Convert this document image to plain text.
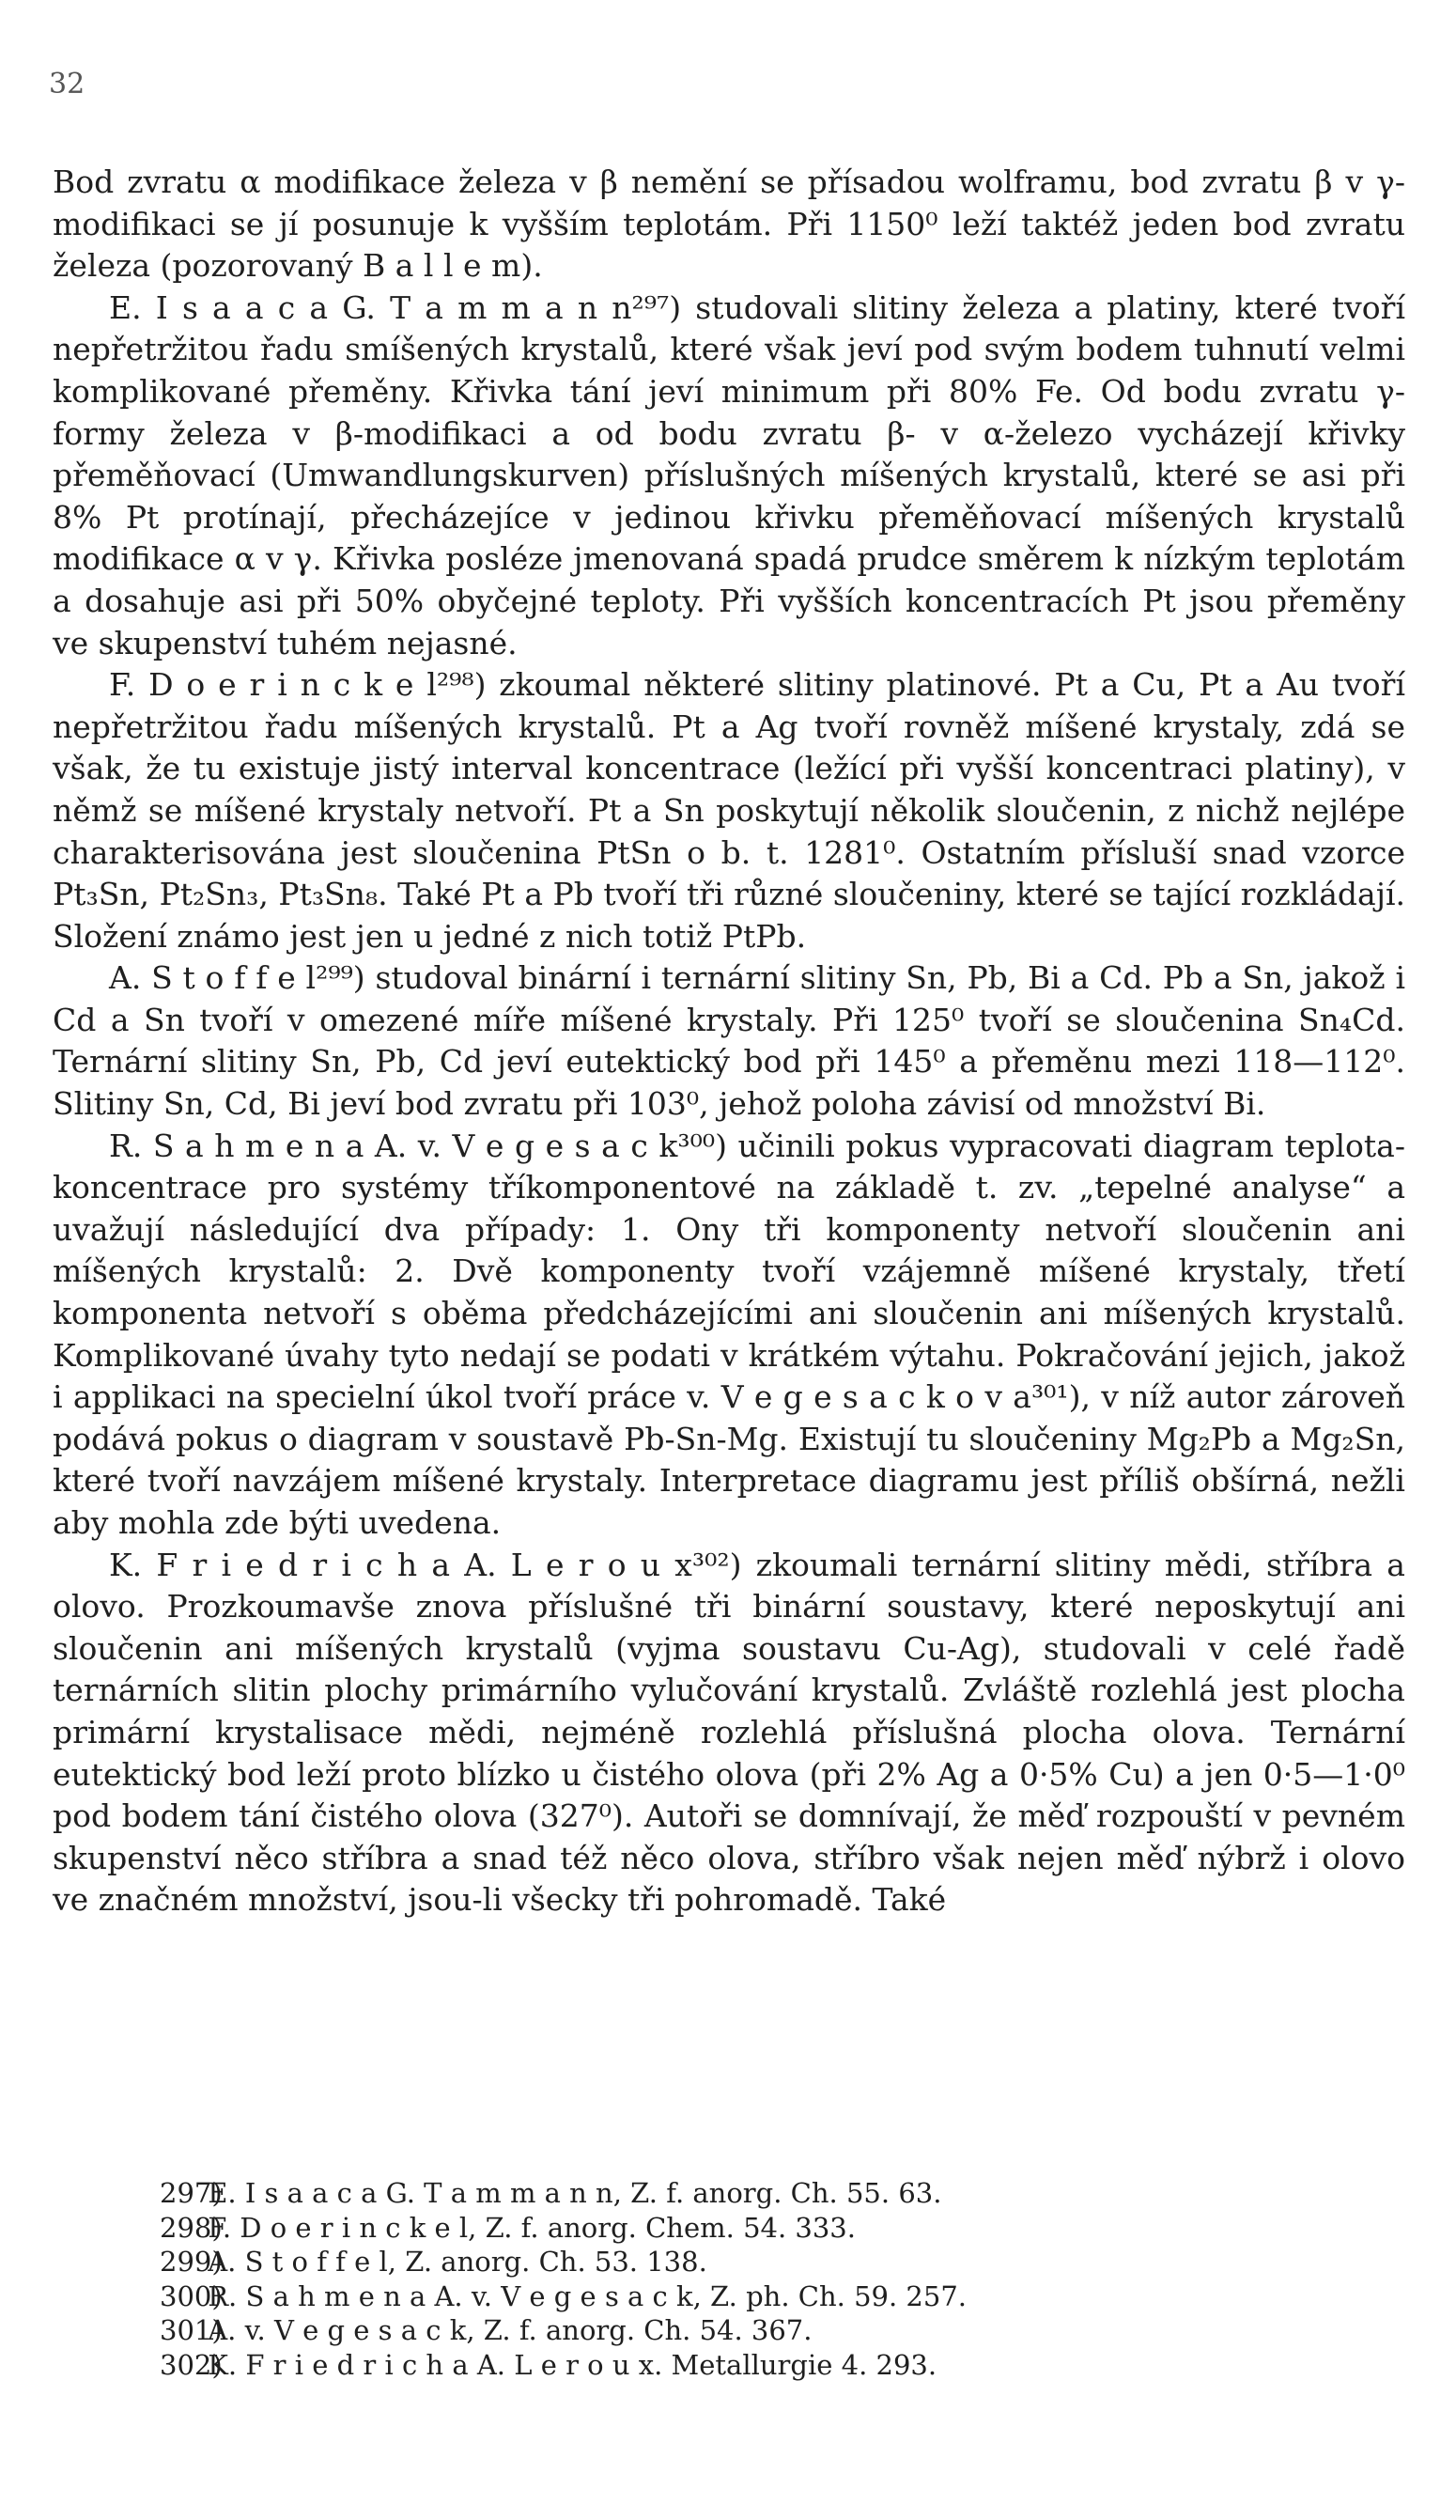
32

Bod zvratu α modifikace železa v β nemění se přísadou wolframu, bod zvratu β v γ-modifikaci se jí posunuje k vyšším teplotám. Při 1150⁰ leží taktéž jeden bod zvratu železa (pozorovaný B a l l e m).

E. I s a a c a G. T a m m a n n²⁹⁷) studovali slitiny železa a platiny, které tvoří nepřetržitou řadu smíšených krystalů, které však jeví pod svým bodem tuhnutí velmi komplikované přeměny. Křivka tání jeví minimum při 80% Fe. Od bodu zvratu γ-formy železa v β-modifikaci a od bodu zvratu β- v α-železo vycházejí křivky přeměňovací (Umwandlungskurven) příslušných míšených krystalů, které se asi při 8% Pt protínají, přecházejíce v jedinou křivku přeměňovací míšených krystalů modifikace α v γ. Křivka posléze jmenovaná spadá prudce směrem k nízkým teplotám a dosahuje asi při 50% obyčejné teploty. Při vyšších koncentracích Pt jsou přeměny ve skupenství tuhém nejasné.

F. D o e r i n c k e l²⁹⁸) zkoumal některé slitiny platinové. Pt a Cu, Pt a Au tvoří nepřetržitou řadu míšených krystalů. Pt a Ag tvoří rovněž míšené krystaly, zdá se však, že tu existuje jistý interval koncentrace (ležící při vyšší koncentraci platiny), v němž se míšené krystaly netvoří. Pt a Sn poskytují několik sloučenin, z nichž nejlépe charakterisována jest sloučenina PtSn o b. t. 1281⁰. Ostatním přísluší snad vzorce Pt₃Sn, Pt₂Sn₃, Pt₃Sn₈. Také Pt a Pb tvoří tři různé sloučeniny, které se tající rozkládají. Složení známo jest jen u jedné z nich totiž PtPb.

A. S t o f f e l²⁹⁹) studoval binární i ternární slitiny Sn, Pb, Bi a Cd. Pb a Sn, jakož i Cd a Sn tvoří v omezené míře míšené krystaly. Při 125⁰ tvoří se sloučenina Sn₄Cd. Ternární slitiny Sn, Pb, Cd jeví eutektický bod při 145⁰ a přeměnu mezi 118—112⁰. Slitiny Sn, Cd, Bi jeví bod zvratu při 103⁰, jehož poloha závisí od množství Bi.

R. S a h m e n a A. v. V e g e s a c k³⁰⁰) učinili pokus vypracovati diagram teplota-koncentrace pro systémy tříkomponentové na základě t. zv. „tepelné analyse“ a uvažují následující dva případy: 1. Ony tři komponenty netvoří sloučenin ani míšených krystalů: 2. Dvě komponenty tvoří vzájemně míšené krystaly, třetí komponenta netvoří s oběma předcházejícími ani sloučenin ani míšených krystalů. Komplikované úvahy tyto nedají se podati v krátkém výtahu. Pokračování jejich, jakož i applikaci na specielní úkol tvoří práce v. V e g e s a c k o v a³⁰¹), v níž autor zároveň podává pokus o diagram v soustavě Pb-Sn-Mg. Existují tu sloučeniny Mg₂Pb a Mg₂Sn, které tvoří navzájem míšené krystaly. Interpretace diagramu jest příliš obšírná, nežli aby mohla zde býti uvedena.

K. F r i e d r i c h a A. L e r o u x³⁰²) zkoumali ternární slitiny mědi, stříbra a olovo. Prozkoumavše znova příslušné tři binární soustavy, které neposkytují ani sloučenin ani míšených krystalů (vyjma soustavu Cu-Ag), studovali v celé řadě ternárních slitin plochy primárního vylučování krystalů. Zvláště rozlehlá jest plocha primární krystalisace mědi, nejméně rozlehlá příslušná plocha olova. Ternární eutektický bod leží proto blízko u čistého olova (při 2% Ag a 0·5% Cu) a jen 0·5—1·0⁰ pod bodem tání čistého olova (327⁰). Autoři se domnívají, že měď rozpouští v pevném skupenství něco stříbra a snad též něco olova, stříbro však nejen měď nýbrž i olovo ve značném množství, jsou-li všecky tři pohromadě. Také

297) E. I s a a c a G. T a m m a n n, Z. f. anorg. Ch. 55. 63.
298) F. D o e r i n c k e l, Z. f. anorg. Chem. 54. 333.
299) A. S t o f f e l, Z. anorg. Ch. 53. 138.
300) R. S a h m e n a A. v. V e g e s a c k, Z. ph. Ch. 59. 257.
301) A. v. V e g e s a c k, Z. f. anorg. Ch. 54. 367.
302) K. F r i e d r i c h a A. L e r o u x. Metallurgie 4. 293.
